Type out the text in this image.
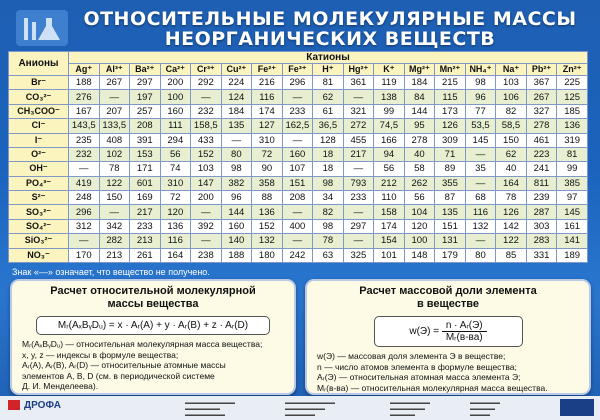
ОТНОСИТЕЛЬНЫЕ МОЛЕКУЛЯРНЫЕ МАССЫ
НЕОРГАНИЧЕСКИХ ВЕЩЕСТВ
Анионы	Катионы																
	Ag⁺	Al³⁺	Ba²⁺	Ca²⁺	Cr³⁺	Cu²⁺	Fe²⁺	Fe³⁺	H⁺	Hg²⁺	K⁺	Mg²⁺	Mn²⁺	NH₄⁺	Na⁺	Pb²⁺	Zn²⁺
Br⁻	188	267	297	200	292	224	216	296	81	361	119	184	215	98	103	367	225
CO₃²⁻	276	—	197	100	—	124	116	—	62	—	138	84	115	96	106	267	125
CH₃COO⁻	167	207	257	160	232	184	174	233	61	321	99	144	173	77	82	327	185
Cl⁻	143,5	133,5	208	111	158,5	135	127	162,5	36,5	272	74,5	95	126	53,5	58,5	278	136
I⁻	235	408	391	294	433	—	310	—	128	455	166	278	309	145	150	461	319
O²⁻	232	102	153	56	152	80	72	160	18	217	94	40	71	—	62	223	81
OH⁻	—	78	171	74	103	98	90	107	18	—	56	58	89	35	40	241	99
PO₄³⁻	419	122	601	310	147	382	358	151	98	793	212	262	355	—	164	811	385
S²⁻	248	150	169	72	200	96	88	208	34	233	110	56	87	68	78	239	97
SO₃²⁻	296	—	217	120	—	144	136	—	82	—	158	104	135	116	126	287	145
SO₄²⁻	312	342	233	136	392	160	152	400	98	297	174	120	151	132	142	303	161
SiO₃²⁻	—	282	213	116	—	140	132	—	78	—	154	100	131	—	122	283	141
NO₃⁻	170	213	261	164	238	188	180	242	63	325	101	148	179	80	85	331	189
Знак «—» означает, что вещество не получено.
Расчет относительной молекулярной
массы вещества
Mᵣ(AₓBᵧDᵤ) = x · Aᵣ(A) + y · Aᵣ(B) + z · Aᵣ(D)
Mᵣ(AₓBᵧDᵤ) — относительная молекулярная масса вещества;
x, y, z — индексы в формуле вещества;
Aᵣ(A), Aᵣ(B), Aᵣ(D) — относительные атомные массы
элементов A, B, D (см. в периодической системе
Д. И. Менделеева).
Расчет массовой доли элемента
в веществе
$w(Э) = \frac{\text{n · Aᵣ(Э)}}{\text{Mᵣ(в-ва)}}$
w(Э) — массовая доля элемента Э в веществе;
n — число атомов элемента в формуле вещества;
Aᵣ(Э) — относительная атомная масса элемента Э;
Mᵣ(в-ва) — относительная молекулярная масса вещества.
ДРОФА	▬▬▬▬▬▬▬▬▬▬
▬▬▬▬▬▬▬
▬▬▬▬▬▬▬▬
▬▬▬▬▬▬▬▬▬▬
▬▬▬▬▬▬▬▬
▬▬▬▬▬▬
▬▬▬▬▬▬▬▬
▬▬▬▬▬▬▬
▬▬▬▬▬
▬▬▬▬▬▬
▬▬▬▬▬
▬▬▬▬
